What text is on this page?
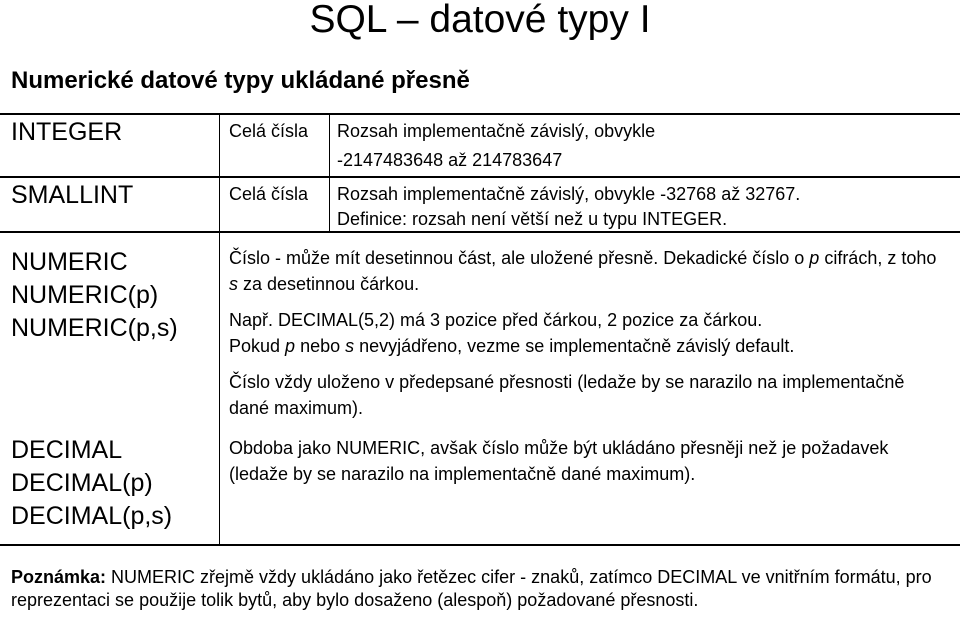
SQL – datové typy I
Numerické datové typy ukládané přesně
INTEGER	Celá čísla Rozsah implementačně závislý, obvykle
-2147483648 až 214783647
SMALLINT	Celá čísla Rozsah implementačně závislý, obvykle -32768 až 32767.
Definice: rozsah není větší než u typu INTEGER.
NUMERIC
NUMERIC(p)
NUMERIC(p,s)
DECIMAL
DECIMAL(p)
DECIMAL(p,s)

Číslo - může mít desetinnou část, ale uložené přesně. Dekadické číslo o p cifrách, z toho s za desetinnou čárkou.

Např. DECIMAL(5,2) má 3 pozice před čárkou, 2 pozice za čárkou.
Pokud p nebo s nevyjádřeno, vezme se implementačně závislý default.

Číslo vždy uloženo v předepsané přesnosti (ledaže by se narazilo na implementačně dané maximum).

Obdoba jako NUMERIC, avšak číslo může být ukládáno přesněji než je požadavek (ledaže by se narazilo na implementačně dané maximum).
Poznámka: NUMERIC zřejmě vždy ukládáno jako řetězec cifer - znaků, zatímco DECIMAL ve vnitřním formátu, pro reprezentaci se použije tolik bytů, aby bylo dosaženo (alespoň) požadované přesnosti.
